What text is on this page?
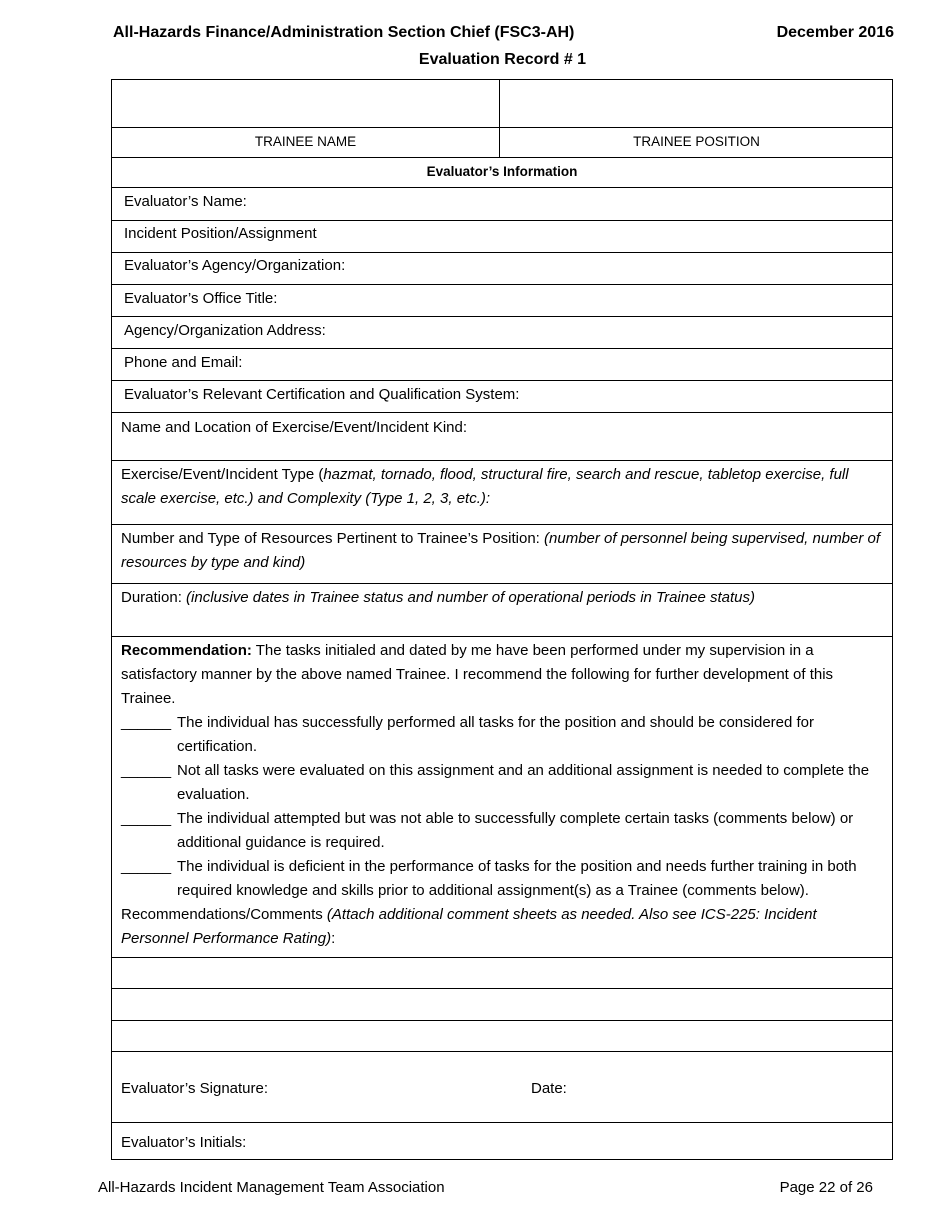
All-Hazards Finance/Administration Section Chief (FSC3-AH)	December 2016
Evaluation Record # 1
TRAINEE NAME	TRAINEE POSITION
Evaluator’s Information
Evaluator’s Name:
Incident Position/Assignment
Evaluator’s Agency/Organization:
Evaluator’s Office Title:
Agency/Organization Address:
Phone and Email:
Evaluator’s Relevant Certification and Qualification System:
Name and Location of Exercise/Event/Incident Kind:
Exercise/Event/Incident Type (hazmat, tornado, flood, structural fire, search and rescue, tabletop exercise, full scale exercise, etc.) and Complexity (Type 1, 2, 3, etc.):
Number and Type of Resources Pertinent to Trainee’s Position: (number of personnel being supervised, number of resources by type and kind)
Duration: (inclusive dates in Trainee status and number of operational periods in Trainee status)
Recommendation: The tasks initialed and dated by me have been performed under my supervision in a satisfactory manner by the above named Trainee. I recommend the following for further development of this Trainee.
______ The individual has successfully performed all tasks for the position and should be considered for certification.
______ Not all tasks were evaluated on this assignment and an additional assignment is needed to complete the evaluation.
______ The individual attempted but was not able to successfully complete certain tasks (comments below) or additional guidance is required.
______ The individual is deficient in the performance of tasks for the position and needs further training in both required knowledge and skills prior to additional assignment(s) as a Trainee (comments below).
Recommendations/Comments (Attach additional comment sheets as needed. Also see ICS-225: Incident Personnel Performance Rating):
Evaluator’s Signature:	Date:
Evaluator’s Initials:
All-Hazards Incident Management Team Association	Page 22 of 26
